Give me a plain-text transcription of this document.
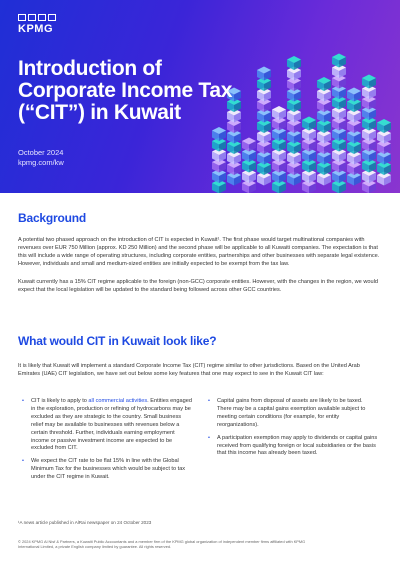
KPMG
Introduction of
Corporate Income Tax
(“CIT”) in Kuwait
October 2024
kpmg.com/kw
Background

A potential two phased approach on the introduction of CIT is expected in Kuwait¹. The first phase would target multinational companies with revenues over EUR 750 Million (approx. KD 250 Million) and the second phase will be applicable to all Kuwaiti companies. The expectation is that this will include a wide range of operating structures, including corporate entities, partnerships and other businesses with separate legal existence. However, individuals and small and medium-sized entities are initially expected to be exempt from the tax law.

Kuwait currently has a 15% CIT regime applicable to the foreign (non-GCC) corporate entities. However, with the changes in the region, we would expect that the local legislation will be updated to the standard being followed across other GCC countries.

What would CIT in Kuwait look like?

It is likely that Kuwait will implement a standard Corporate Income Tax (CIT) regime similar to other jurisdictions. Based on the United Arab Emirates (UAE) CIT legislation, we have set out below some key features that one may expect to see in the Kuwait CIT law:

• CIT is likely to apply to all commercial activities. Entities engaged in the exploration, production or refining of hydrocarbons may be excluded as they are strategic to the country. Small business relief may be available to businesses with revenues below a certain threshold. Further, individuals earning employment income or passive investment income are expected to be excluded from CIT.
• We expect the CIT rate to be flat 15% in line with the Global Minimum Tax for the businesses which would be subject to tax under the CIT regime in Kuwait.
• Capital gains from disposal of assets are likely to be taxed. There may be a capital gains exemption available subject to meeting certain conditions (for example, for entity reorganizations).
• A participation exemption may apply to dividends or capital gains received from qualifying foreign or local subsidiaries or the basis that this income has already been taxed.
¹A news article published in AlRai newspaper on 24 October 2023
© 2024 KPMG Al Nisf & Partners, a Kuwaiti Public Accountants and a member firm of the KPMG global organization of independent member firms affiliated with KPMG International Limited, a private English company limited by guarantee. All rights reserved.
